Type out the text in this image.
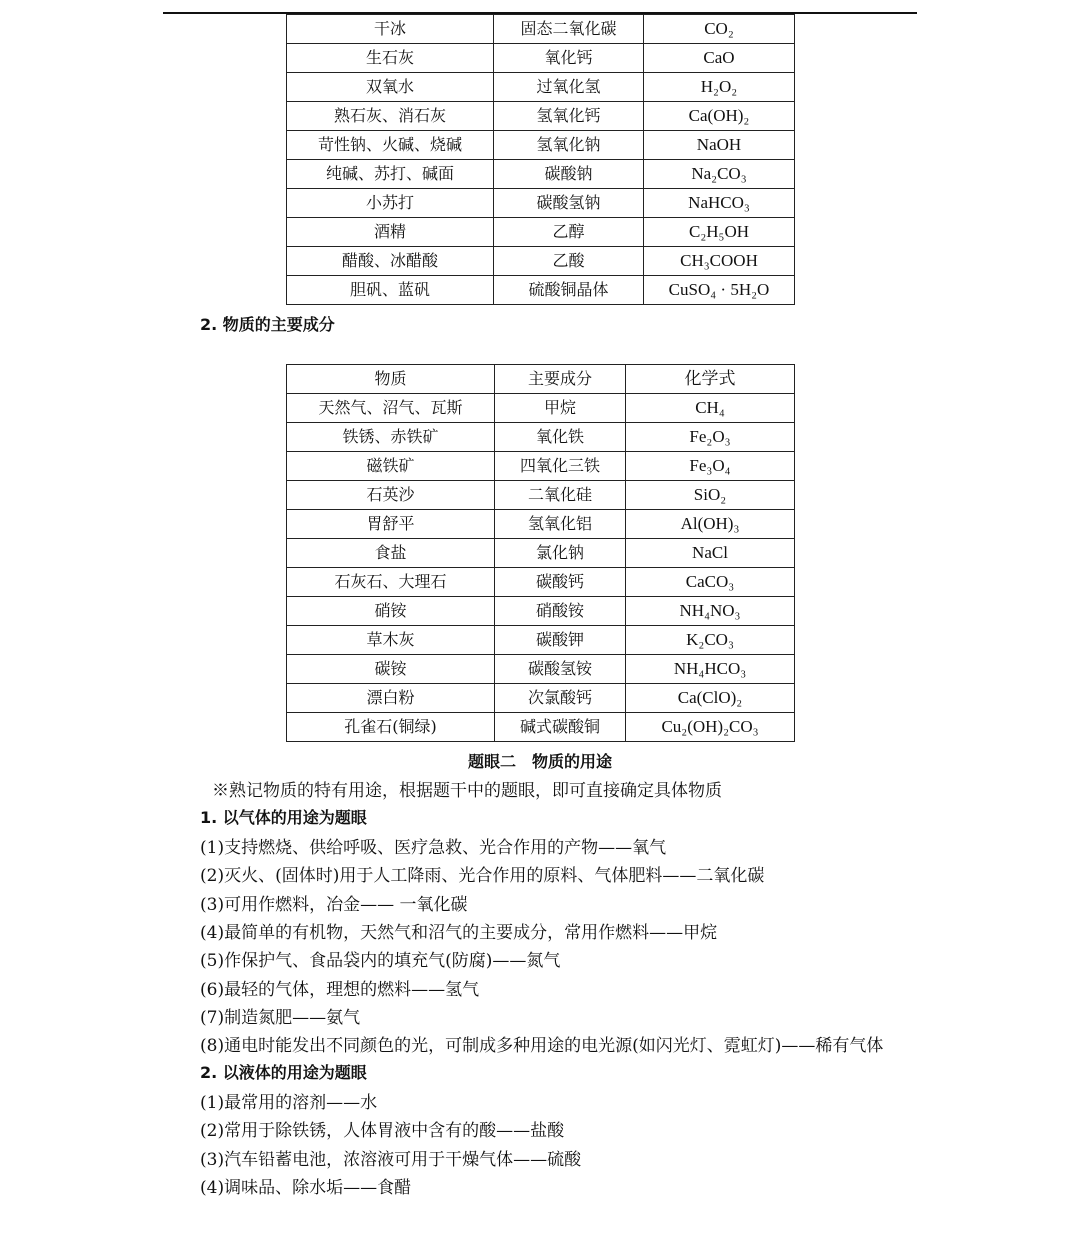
干冰	固态二氧化碳	CO₂
生石灰	氧化钙	CaO
双氧水	过氧化氢	H₂O₂
熟石灰、消石灰	氢氧化钙	Ca(OH)₂
苛性钠、火碱、烧碱	氢氧化钠	NaOH
纯碱、苏打、碱面	碳酸钠	Na₂CO₃
小苏打	碳酸氢钠	NaHCO₃
酒精	乙醇	C₂H₅OH
醋酸、冰醋酸	乙酸	CH₃COOH
胆矾、蓝矾	硫酸铜晶体	CuSO₄ · 5H₂O
2. 物质的主要成分
物质	主要成分	化学式
天然气、沼气、瓦斯	甲烷	CH₄
铁锈、赤铁矿	氧化铁	Fe₂O₃
磁铁矿	四氧化三铁	Fe₃O₄
石英沙	二氧化硅	SiO₂
胃舒平	氢氧化铝	Al(OH)₃
食盐	氯化钠	NaCl
石灰石、大理石	碳酸钙	CaCO₃
硝铵	硝酸铵	NH₄NO₃
草木灰	碳酸钾	K₂CO₃
碳铵	碳酸氢铵	NH₄HCO₃
漂白粉	次氯酸钙	Ca(ClO)₂
孔雀石(铜绿)	碱式碳酸铜	Cu₂(OH)₂CO₃
题眼二　物质的用途
※熟记物质的特有用途，根据题干中的题眼，即可直接确定具体物质
1. 以气体的用途为题眼
(1)支持燃烧、供给呼吸、医疗急救、光合作用的产物——氧气
(2)灭火、(固体时)用于人工降雨、光合作用的原料、气体肥料——二氧化碳
(3)可用作燃料，冶金—— 一氧化碳
(4)最简单的有机物，天然气和沼气的主要成分，常用作燃料——甲烷
(5)作保护气、食品袋内的填充气(防腐)——氮气
(6)最轻的气体，理想的燃料——氢气
(7)制造氮肥——氨气
(8)通电时能发出不同颜色的光，可制成多种用途的电光源(如闪光灯、霓虹灯)——稀有气体
2. 以液体的用途为题眼
(1)最常用的溶剂——水
(2)常用于除铁锈，人体胃液中含有的酸——盐酸
(3)汽车铅蓄电池，浓溶液可用于干燥气体——硫酸
(4)调味品、除水垢——食醋
